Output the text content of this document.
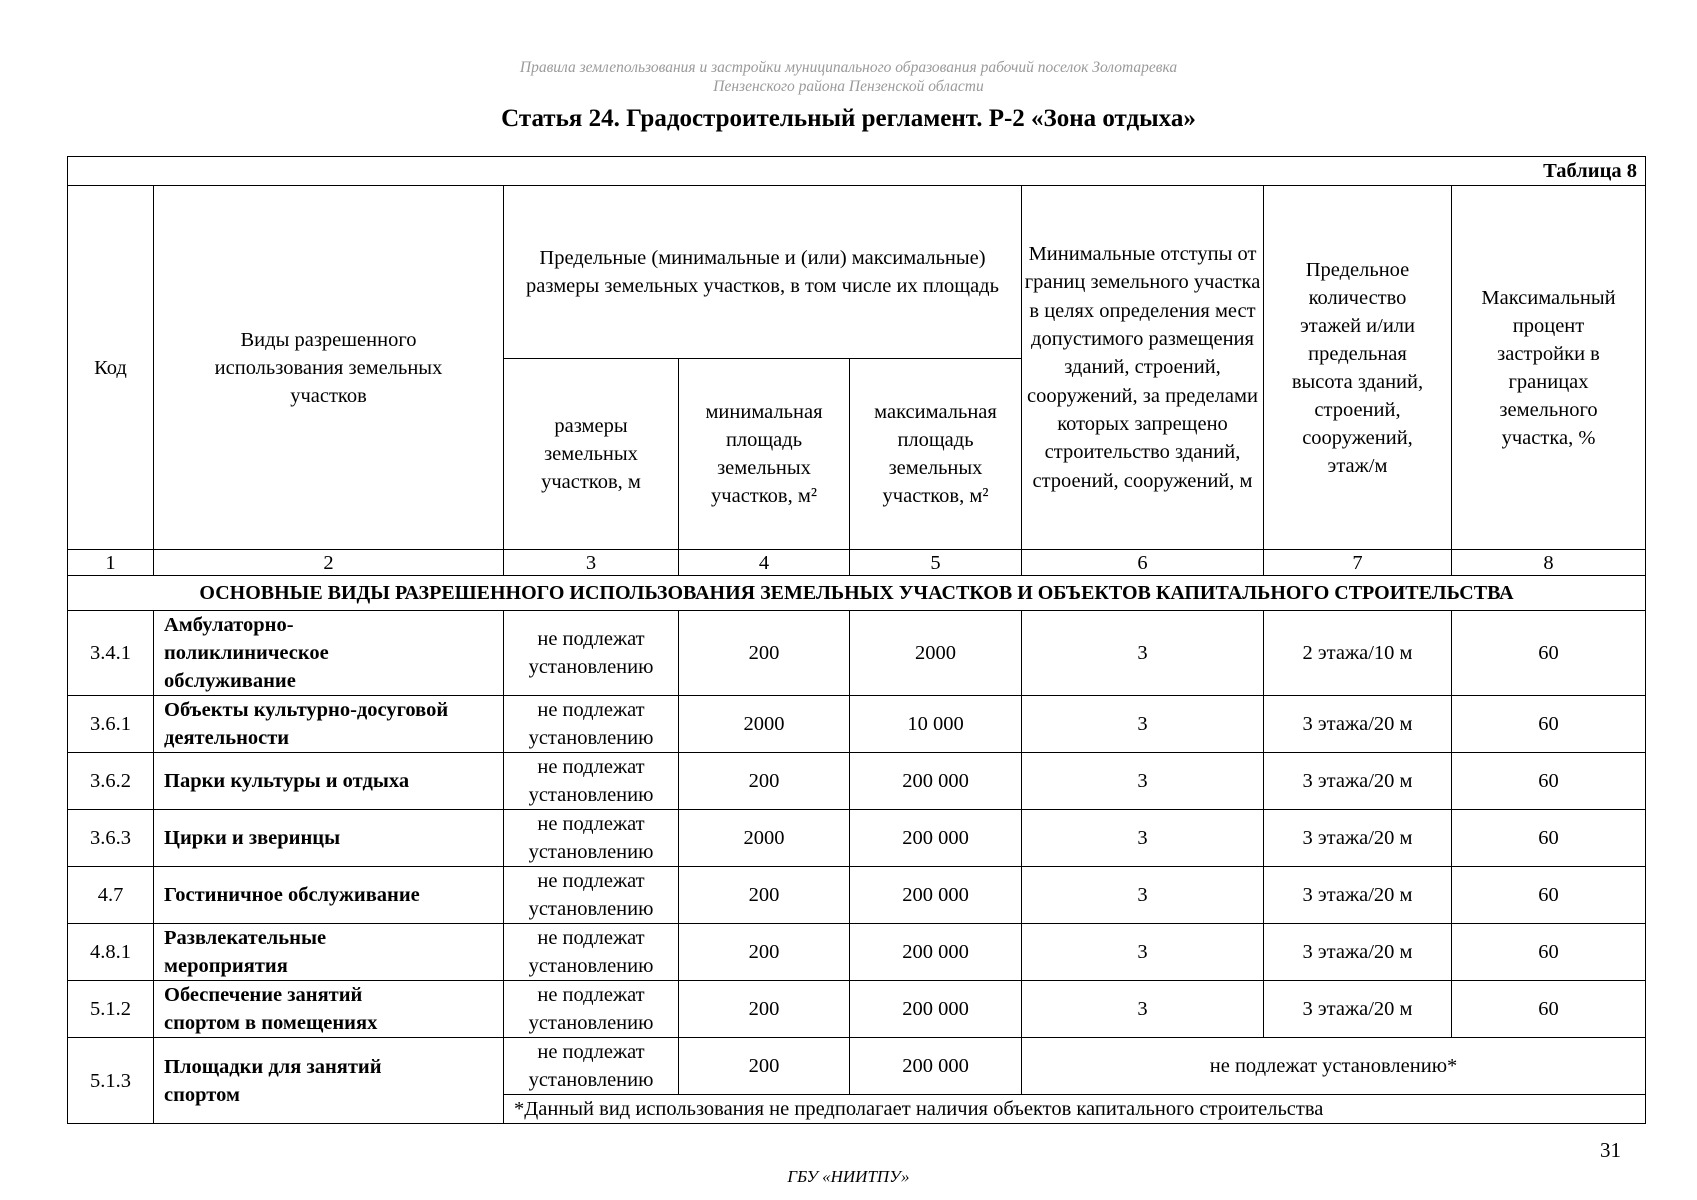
Правила землепользования и застройки муниципального образования рабочий поселок Золотаревка
Пензенского района Пензенской области
Статья 24. Градостроительный регламент. Р-2 «Зона отдыха»
Таблица 8							
Код	Виды разрешенного использования земельных участков	Предельные (минимальные и (или) максимальные) размеры земельных участков, в том числе их площадь			Минимальные отступы от границ земельного участка в целях определения мест допустимого размещения зданий, строений, сооружений, за пределами которых запрещено строительство зданий, строений, сооружений, м	Предельное количество этажей и/или предельная высота зданий, строений, сооружений, этаж/м	Максимальный процент застройки в границах земельного участка, %
		размеры земельных участков, м	минимальная площадь земельных участков, м²	максимальная площадь земельных участков, м²			
1	2	3	4	5	6	7	8
ОСНОВНЫЕ ВИДЫ РАЗРЕШЕННОГО ИСПОЛЬЗОВАНИЯ ЗЕМЕЛЬНЫХ УЧАСТКОВ И ОБЪЕКТОВ КАПИТАЛЬНОГО СТРОИТЕЛЬСТВА							
3.4.1	Амбулаторно-поликлиническое обслуживание	не подлежат установлению	200	2000	3	2 этажа/10 м	60
3.6.1	Объекты культурно-досуговой деятельности	не подлежат установлению	2000	10 000	3	3 этажа/20 м	60
3.6.2	Парки культуры и отдыха	не подлежат установлению	200	200 000	3	3 этажа/20 м	60
3.6.3	Цирки и зверинцы	не подлежат установлению	2000	200 000	3	3 этажа/20 м	60
4.7	Гостиничное обслуживание	не подлежат установлению	200	200 000	3	3 этажа/20 м	60
4.8.1	Развлекательные мероприятия	не подлежат установлению	200	200 000	3	3 этажа/20 м	60
5.1.2	Обеспечение занятий спортом в помещениях	не подлежат установлению	200	200 000	3	3 этажа/20 м	60
5.1.3	Площадки для занятий спортом	не подлежат установлению	200	200 000	не подлежат установлению*		
		*Данный вид использования не предполагает наличия объектов капитального строительства					
31
ГБУ «НИИТПУ»
